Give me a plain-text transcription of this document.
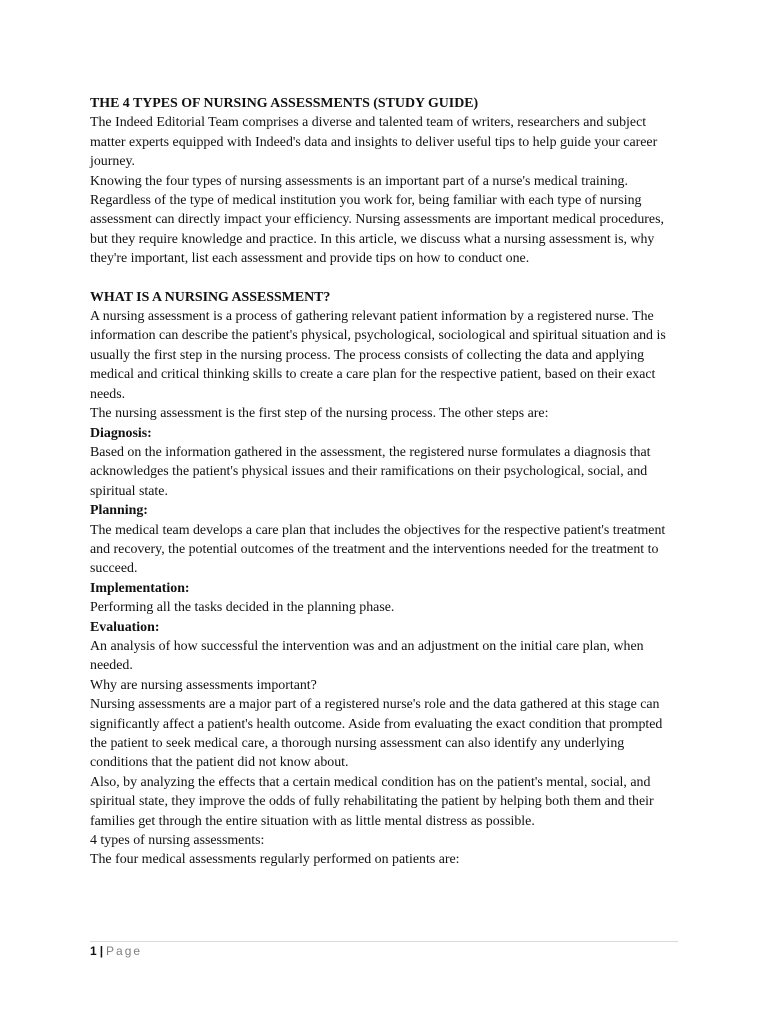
THE 4 TYPES OF NURSING ASSESSMENTS (STUDY GUIDE)

The Indeed Editorial Team comprises a diverse and talented team of writers, researchers and subject matter experts equipped with Indeed's data and insights to deliver useful tips to help guide your career journey.

Knowing the four types of nursing assessments is an important part of a nurse's medical training. Regardless of the type of medical institution you work for, being familiar with each type of nursing assessment can directly impact your efficiency. Nursing assessments are important medical procedures, but they require knowledge and practice. In this article, we discuss what a nursing assessment is, why they're important, list each assessment and provide tips on how to conduct one.

WHAT IS A NURSING ASSESSMENT?

A nursing assessment is a process of gathering relevant patient information by a registered nurse. The information can describe the patient's physical, psychological, sociological and spiritual situation and is usually the first step in the nursing process. The process consists of collecting the data and applying medical and critical thinking skills to create a care plan for the respective patient, based on their exact needs.

The nursing assessment is the first step of the nursing process. The other steps are:

Diagnosis:

Based on the information gathered in the assessment, the registered nurse formulates a diagnosis that acknowledges the patient's physical issues and their ramifications on their psychological, social, and spiritual state.

Planning:

The medical team develops a care plan that includes the objectives for the respective patient's treatment and recovery, the potential outcomes of the treatment and the interventions needed for the treatment to succeed.

Implementation:

Performing all the tasks decided in the planning phase.

Evaluation:

An analysis of how successful the intervention was and an adjustment on the initial care plan, when needed.

Why are nursing assessments important?

Nursing assessments are a major part of a registered nurse's role and the data gathered at this stage can significantly affect a patient's health outcome. Aside from evaluating the exact condition that prompted the patient to seek medical care, a thorough nursing assessment can also identify any underlying conditions that the patient did not know about.

Also, by analyzing the effects that a certain medical condition has on the patient's mental, social, and spiritual state, they improve the odds of fully rehabilitating the patient by helping both them and their families get through the entire situation with as little mental distress as possible.

4 types of nursing assessments:

The four medical assessments regularly performed on patients are:

1 | Page
